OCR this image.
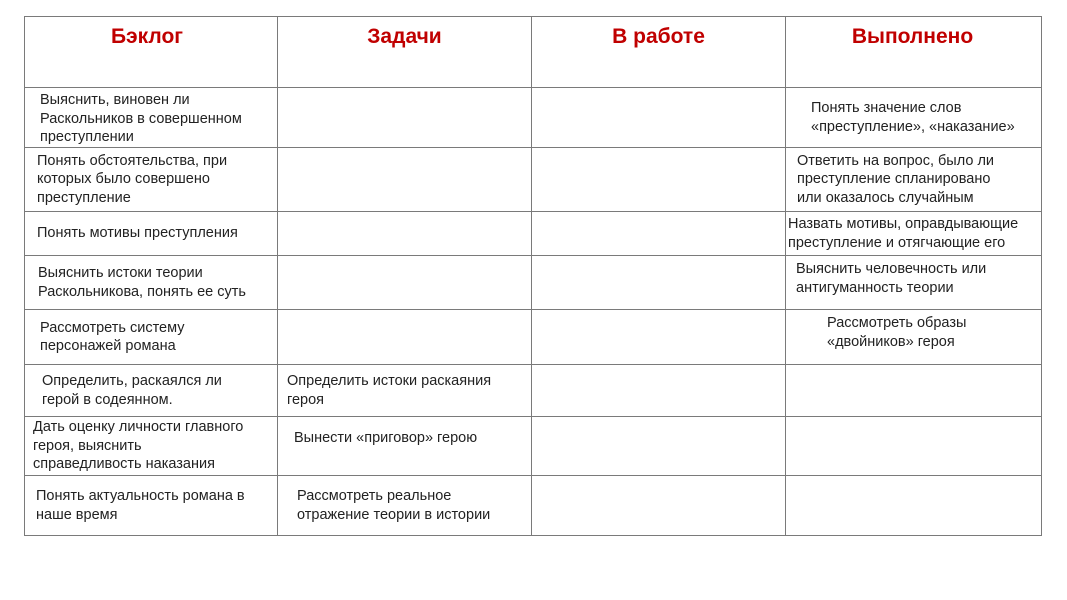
Бэклог	Задачи	В работе	Выполнено

Выяснить, виновен ли
Раскольников в совершенном
преступлении			Понять значение слов
«преступление», «наказание»

Понять обстоятельства, при
которых было совершено
преступление			Ответить на вопрос, было ли
преступление спланировано
или оказалось случайным

Понять мотивы преступления			Назвать мотивы, оправдывающие
преступление и отягчающие его

Выяснить истоки теории
Раскольникова, понять ее суть			Выяснить человечность или
антигуманность теории

Рассмотреть систему
персонажей романа			Рассмотреть образы
«двойников» героя

Определить, раскаялся ли
герой в содеянном.	Определить истоки раскаяния
героя		

Дать оценку личности главного
героя, выяснить
справедливость наказания	Вынести «приговор» герою		

Понять актуальность романа в
наше время	Рассмотреть реальное
отражение теории в истории		
